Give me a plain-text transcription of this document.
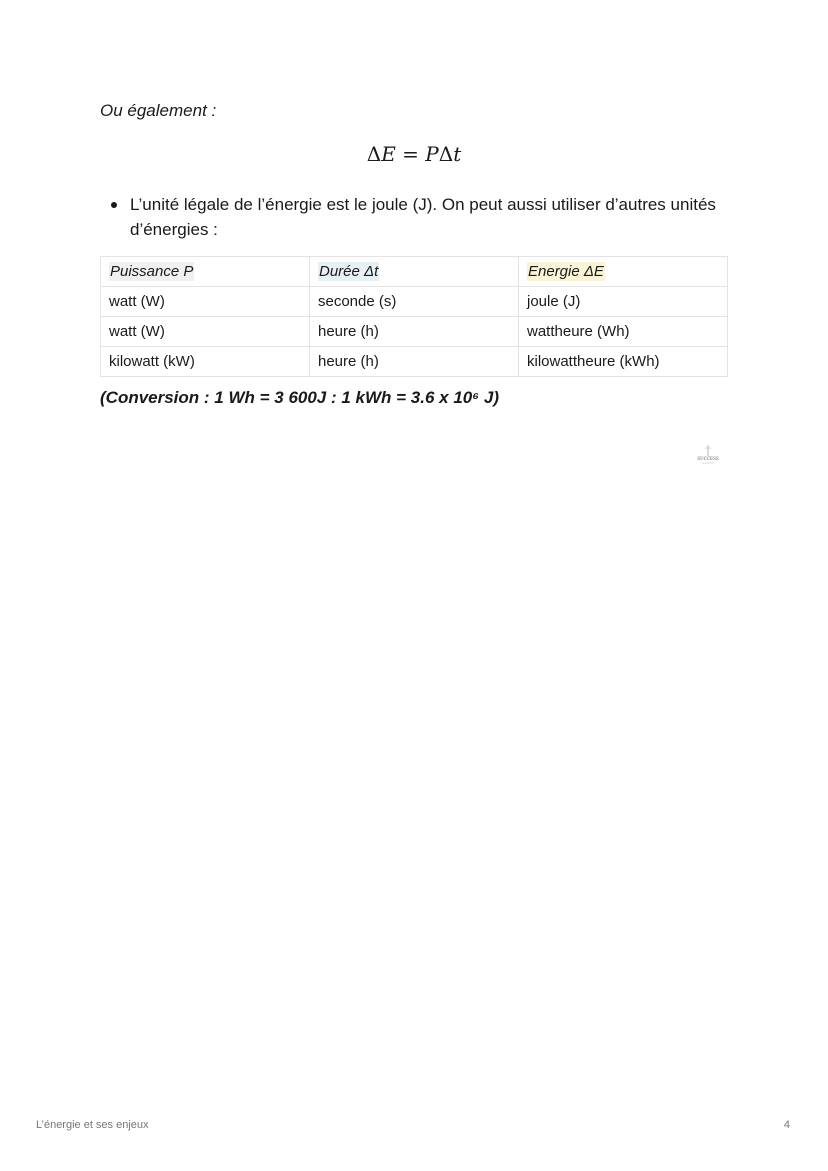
Ou également :

ΔE = PΔt

L’unité légale de l’énergie est le joule (J). On peut aussi utiliser d’autres unités d’énergies :
Puissance P	Durée Δt	Energie ΔE
watt (W)	seconde (s)	joule (J)
watt (W)	heure (h)	wattheure (Wh)
kilowatt (kW)	heure (h)	kilowattheure (kWh)

(Conversion : 1 Wh = 3 600J : 1 kWh = 3.6 x 10⁶ J)

SUCCESS
L’énergie et ses enjeux	4
